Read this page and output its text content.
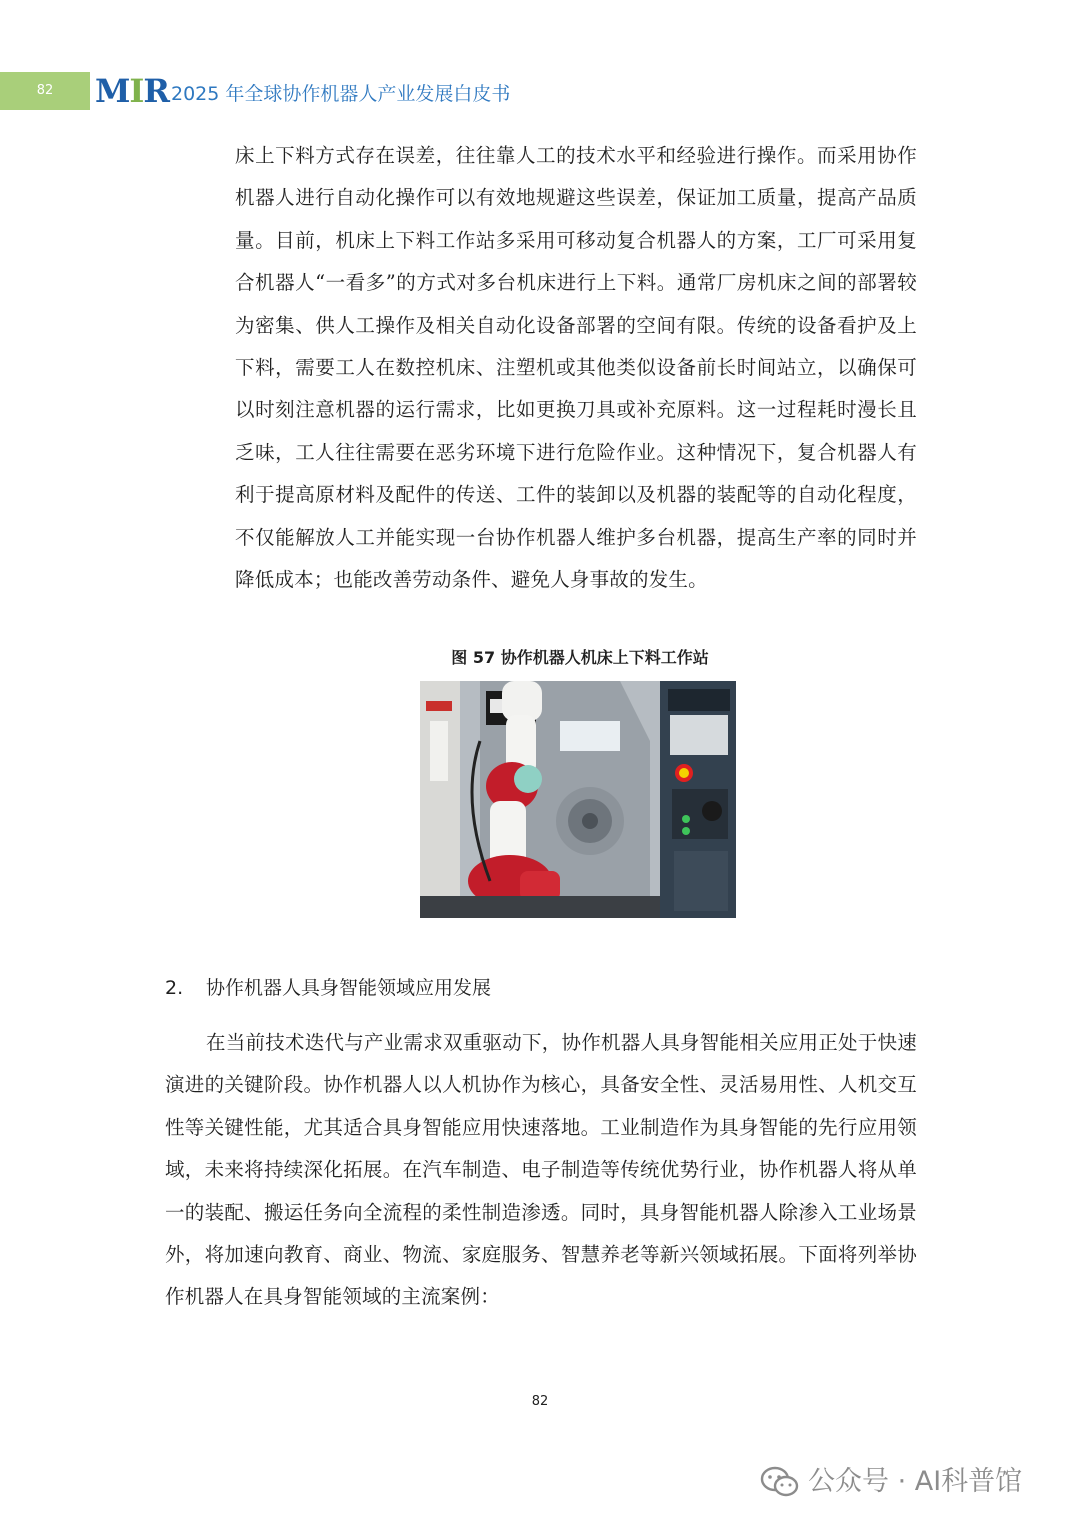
82	MIR 2025 年全球协作机器人产业发展白皮书

床上下料方式存在误差，往往靠人工的技术水平和经验进行操作。而采用协作机器人进行自动化操作可以有效地规避这些误差，保证加工质量，提高产品质量。目前，机床上下料工作站多采用可移动复合机器人的方案，工厂可采用复合机器人“一看多”的方式对多台机床进行上下料。通常厂房机床之间的部署较为密集、供人工操作及相关自动化设备部署的空间有限。传统的设备看护及上下料，需要工人在数控机床、注塑机或其他类似设备前长时间站立，以确保可以时刻注意机器的运行需求，比如更换刀具或补充原料。这一过程耗时漫长且乏味，工人往往需要在恶劣环境下进行危险作业。这种情况下，复合机器人有利于提高原材料及配件的传送、工件的装卸以及机器的装配等的自动化程度，不仅能解放人工并能实现一台协作机器人维护多台机器，提高生产率的同时并降低成本；也能改善劳动条件、避免人身事故的发生。

图 57 协作机器人机床上下料工作站
2. 协作机器人具身智能领域应用发展

在当前技术迭代与产业需求双重驱动下，协作机器人具身智能相关应用正处于快速演进的关键阶段。协作机器人以人机协作为核心，具备安全性、灵活易用性、人机交互性等关键性能，尤其适合具身智能应用快速落地。工业制造作为具身智能的先行应用领域，未来将持续深化拓展。在汽车制造、电子制造等传统优势行业，协作机器人将从单一的装配、搬运任务向全流程的柔性制造渗透。同时，具身智能机器人除渗入工业场景外，将加速向教育、商业、物流、家庭服务、智慧养老等新兴领域拓展。下面将列举协作机器人在具身智能领域的主流案例：

82
公众号 · AI科普馆
